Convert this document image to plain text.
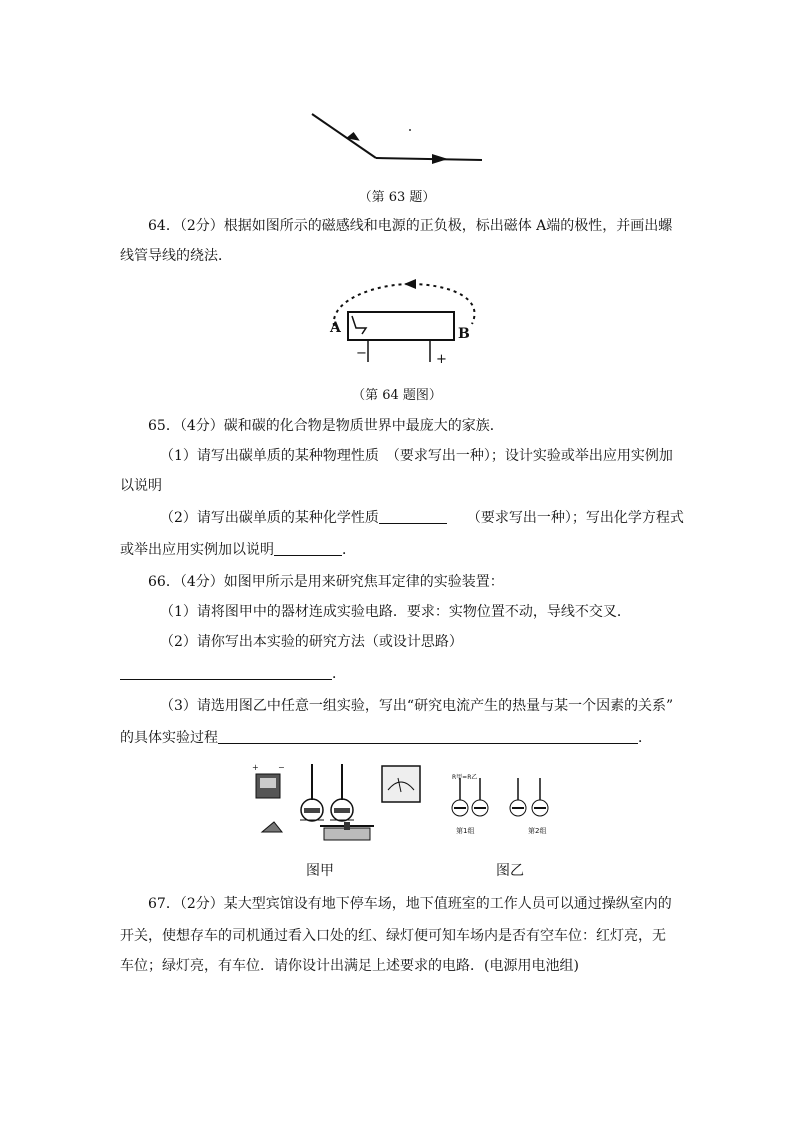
（第 63 题）
64．（2分）根据如图所示的磁感线和电源的正负极，标出磁体 A端的极性，并画出螺
线管导线的绕法．
A	B
−	+
（第 64 题图）
65．（4分）碳和碳的化合物是物质世界中最庞大的家族．
（1）请写出碳单质的某种物理性质　（要求写出一种）；设计实验或举出应用实例加
以说明
（2）请写出碳单质的某种化学性质	（要求写出一种）；写出化学方程式
或举出应用实例加以说明	．
66．（4分）如图甲所示是用来研究焦耳定律的实验装置：
（1）请将图甲中的器材连成实验电路．要求：实物位置不动，导线不交叉．
（2）请你写出本实验的研究方法（或设计思路）
．
（3）请选用图乙中任意一组实验，写出“研究电流产生的热量与某一个因素的关系”
的具体实验过程	．
+ −
R甲=R乙
第1组	第2组
图甲	图乙
67．（2分）某大型宾馆设有地下停车场，地下值班室的工作人员可以通过操纵室内的
开关，使想存车的司机通过看入口处的红、绿灯便可知车场内是否有空车位：红灯亮，无
车位；绿灯亮，有车位．请你设计出满足上述要求的电路．(电源用电池组)
